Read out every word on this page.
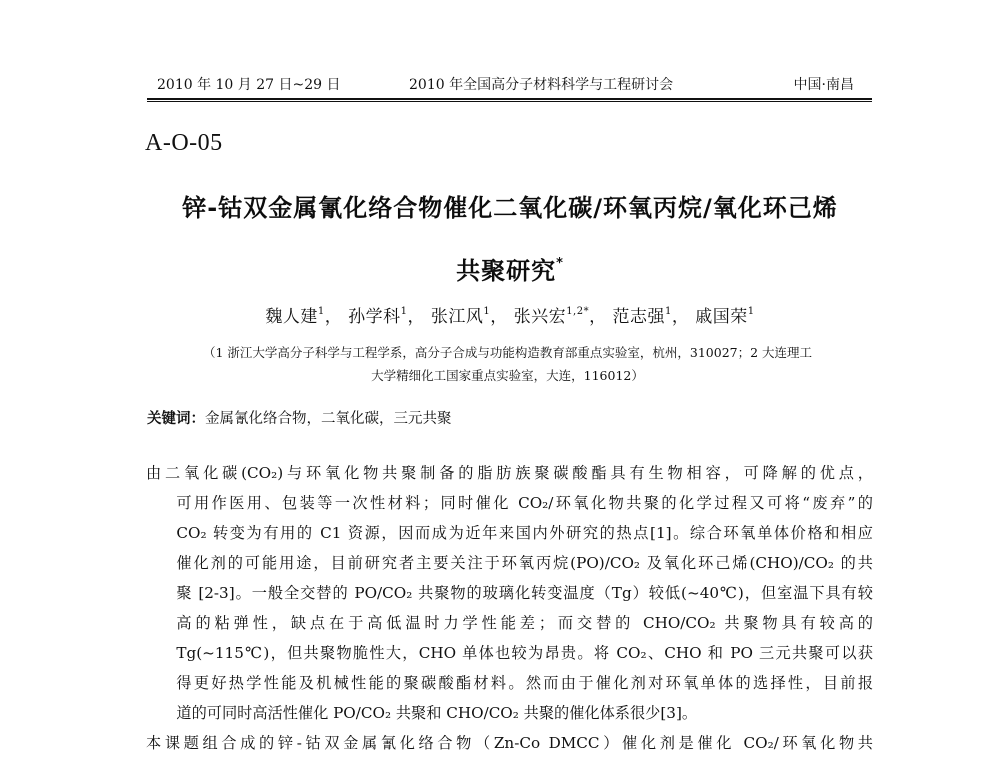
2010 年 10 月 27 日~29 日	2010 年全国高分子材料科学与工程研讨会	中国·南昌
A-O-05
锌-钴双金属氰化络合物催化二氧化碳/环氧丙烷/氧化环己烯
共聚研究*
魏人建$^1$， 孙学科$^1$， 张江风$^1$， 张兴宏$^{1,2*}$， 范志强$^1$， 戚国荣$^1$
（1 浙江大学高分子科学与工程学系，高分子合成与功能构造教育部重点实验室，杭州，310027；2 大连理工
大学精细化工国家重点实验室，大连，116012）
关键词：金属氰化络合物，二氧化碳，三元共聚

由二氧化碳(CO₂)与环氧化物共聚制备的脂肪族聚碳酸酯具有生物相容，可降解的优点，
可用作医用、包装等一次性材料；同时催化 CO₂/环氧化物共聚的化学过程又可将“废弃”的
CO₂ 转变为有用的 C1 资源，因而成为近年来国内外研究的热点[1]。综合环氧单体价格和相应
催化剂的可能用途，目前研究者主要关注于环氧丙烷(PO)/CO₂ 及氧化环己烯(CHO)/CO₂ 的共
聚 [2-3]。一般全交替的 PO/CO₂ 共聚物的玻璃化转变温度（Tg）较低(~40℃)，但室温下具有较
高的粘弹性，缺点在于高低温时力学性能差；而交替的 CHO/CO₂ 共聚物具有较高的
Tg(~115℃)，但共聚物脆性大，CHO 单体也较为昂贵。将 CO₂、CHO 和 PO 三元共聚可以获
得更好热学性能及机械性能的聚碳酸酯材料。然而由于催化剂对环氧单体的选择性，目前报
道的可同时高活性催化 PO/CO₂ 共聚和 CHO/CO₂ 共聚的催化体系很少[3]。

本课题组合成的锌-钴双金属氰化络合物（Zn-Co DMCC）催化剂是催化 CO₂/环氧化物共
